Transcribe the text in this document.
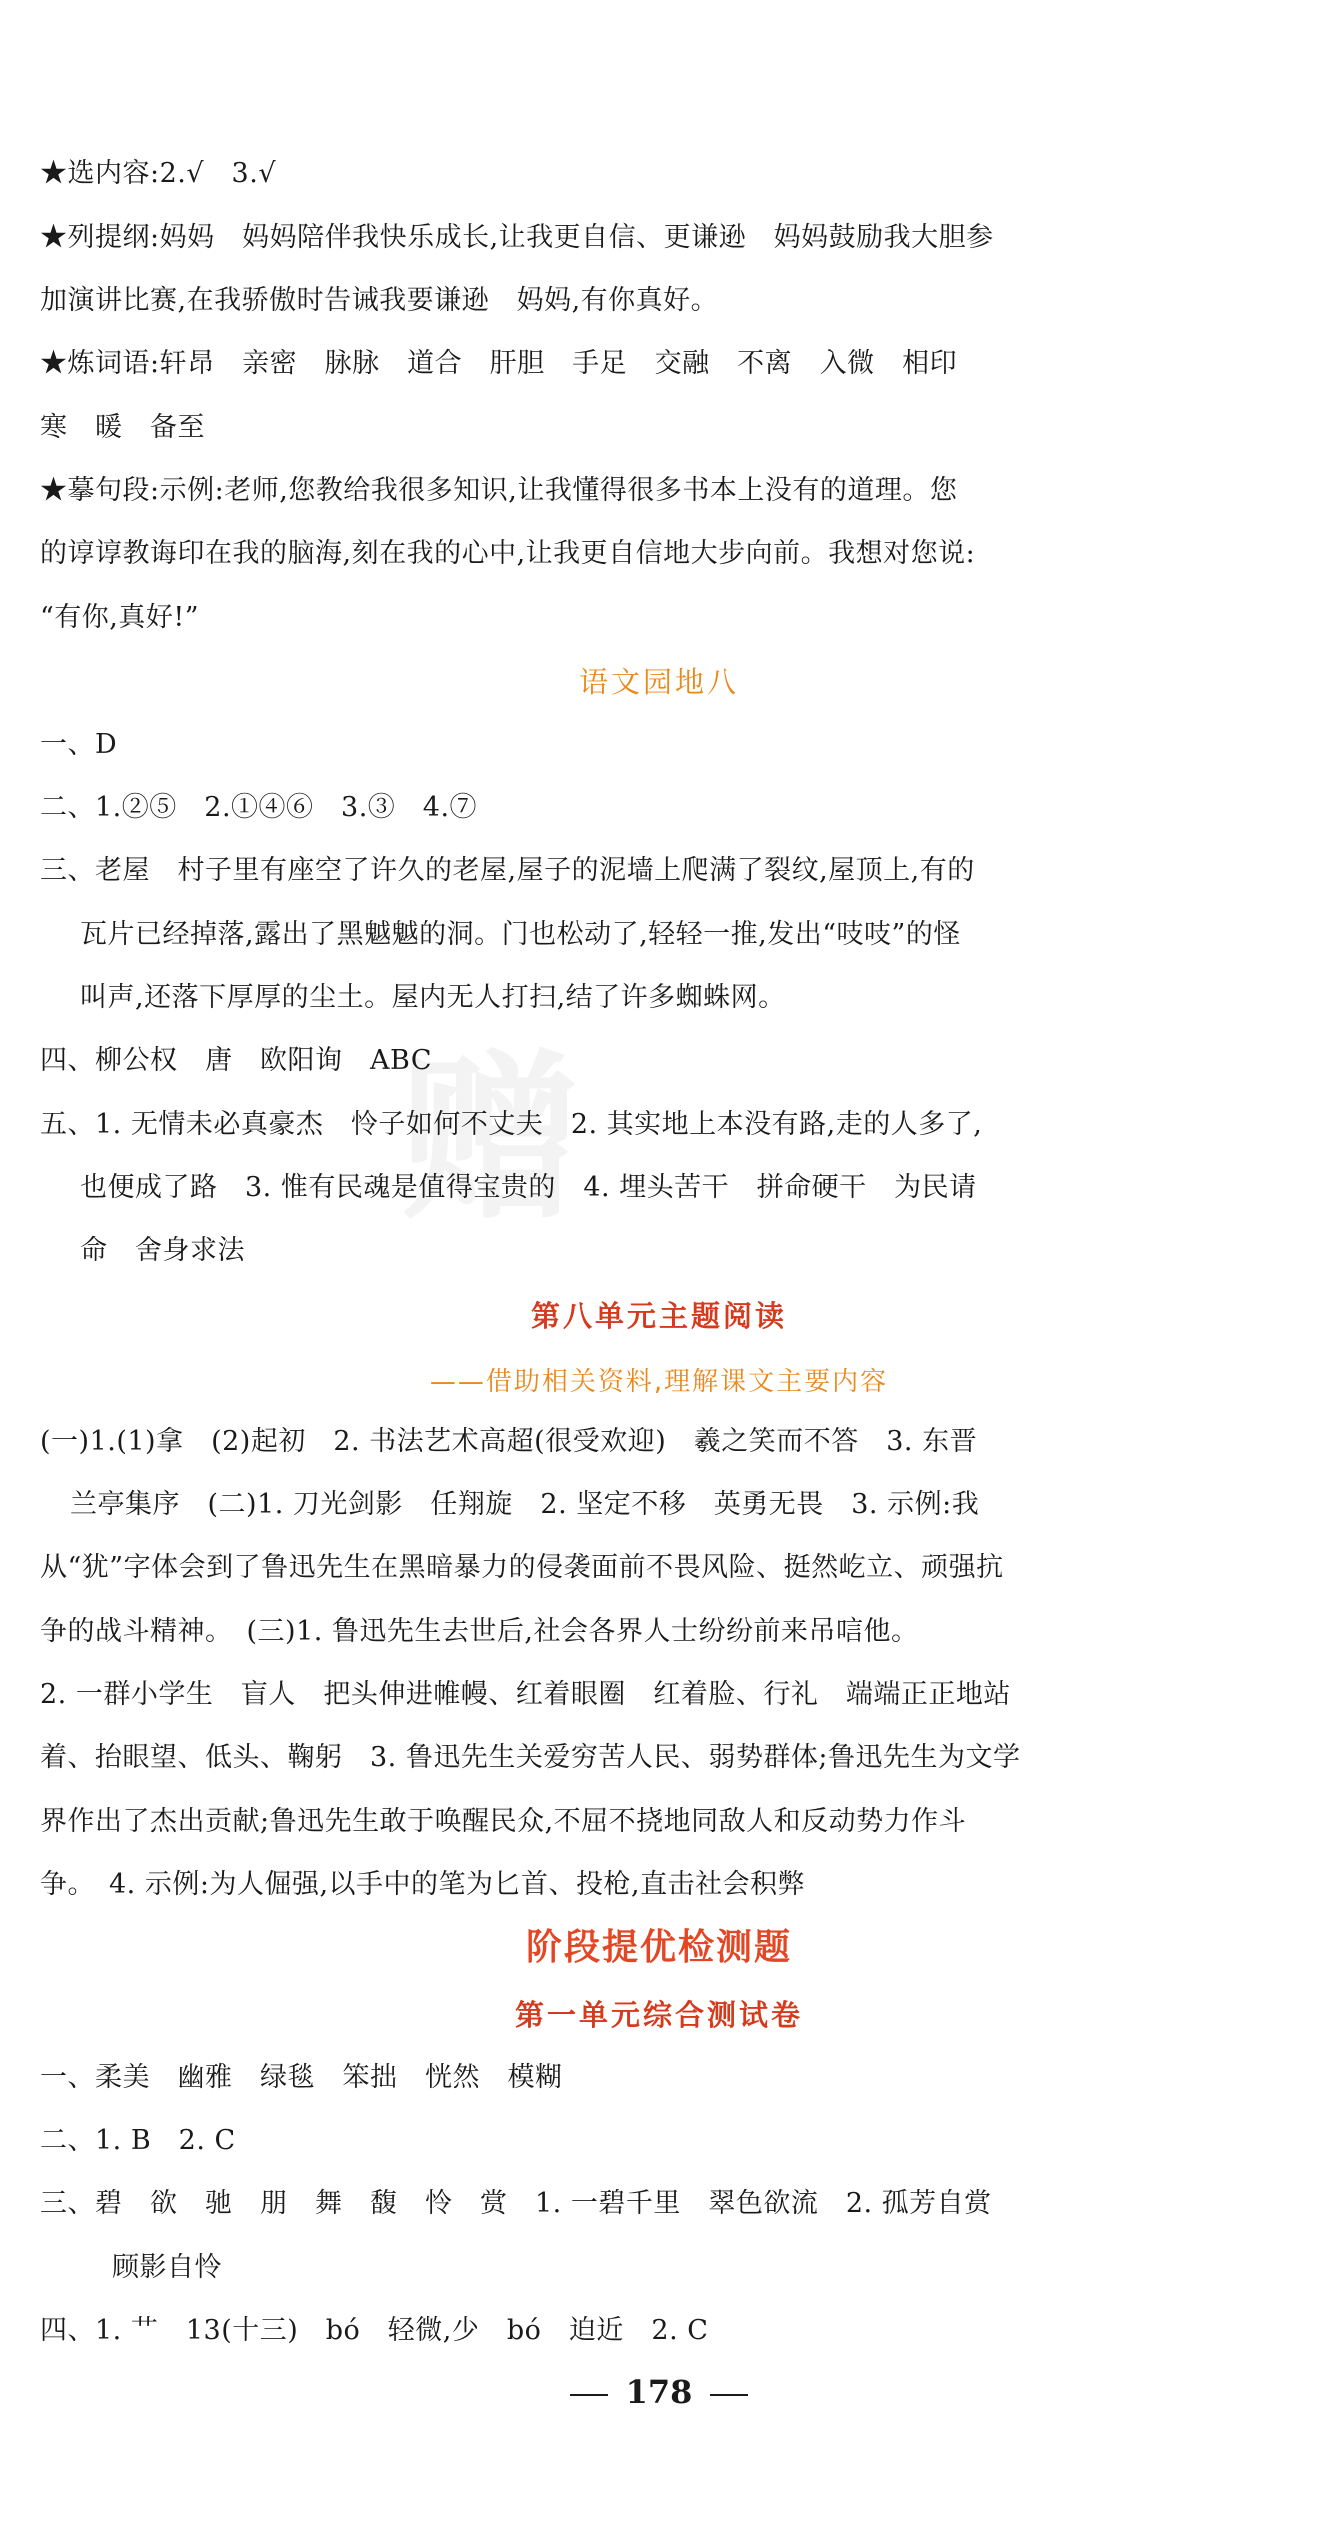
赠
★选内容:2.√　3.√
★列提纲:妈妈　妈妈陪伴我快乐成长,让我更自信、更谦逊　妈妈鼓励我大胆参
加演讲比赛,在我骄傲时告诫我要谦逊　妈妈,有你真好。
★炼词语:轩昂　亲密　脉脉　道合　肝胆　手足　交融　不离　入微　相印
寒　暖　备至
★摹句段:示例:老师,您教给我很多知识,让我懂得很多书本上没有的道理。您
的谆谆教诲印在我的脑海,刻在我的心中,让我更自信地大步向前。我想对您说:
“有你,真好!”
语文园地八
一、D
二、1.②⑤　2.①④⑥　3.③　4.⑦
三、老屋　村子里有座空了许久的老屋,屋子的泥墙上爬满了裂纹,屋顶上,有的
瓦片已经掉落,露出了黑魆魆的洞。门也松动了,轻轻一推,发出“吱吱”的怪
叫声,还落下厚厚的尘土。屋内无人打扫,结了许多蜘蛛网。
四、柳公权　唐　欧阳询　ABC
五、1. 无情未必真豪杰　怜子如何不丈夫　2. 其实地上本没有路,走的人多了,
也便成了路　3. 惟有民魂是值得宝贵的　4. 埋头苦干　拼命硬干　为民请
命　舍身求法
第八单元主题阅读
——借助相关资料,理解课文主要内容
(一)1.(1)拿　(2)起初　2. 书法艺术高超(很受欢迎)　羲之笑而不答　3. 东晋
兰亭集序　(二)1. 刀光剑影　任翔旋　2. 坚定不移　英勇无畏　3. 示例:我
从“犹”字体会到了鲁迅先生在黑暗暴力的侵袭面前不畏风险、挺然屹立、顽强抗
争的战斗精神。　(三)1. 鲁迅先生去世后,社会各界人士纷纷前来吊唁他。
2. 一群小学生　盲人　把头伸进帷幔、红着眼圈　红着脸、行礼　端端正正地站
着、抬眼望、低头、鞠躬　3. 鲁迅先生关爱穷苦人民、弱势群体;鲁迅先生为文学
界作出了杰出贡献;鲁迅先生敢于唤醒民众,不屈不挠地同敌人和反动势力作斗
争。　4. 示例:为人倔强,以手中的笔为匕首、投枪,直击社会积弊
阶段提优检测题
第一单元综合测试卷
一、柔美　幽雅　绿毯　笨拙　恍然　模糊
二、1. B　2. C
三、碧　欲　驰　朋　舞　馥　怜　赏　1. 一碧千里　翠色欲流　2. 孤芳自赏
顾影自怜
四、1. 艹　13(十三)　bó　轻微,少　bó　迫近　2. C
178
